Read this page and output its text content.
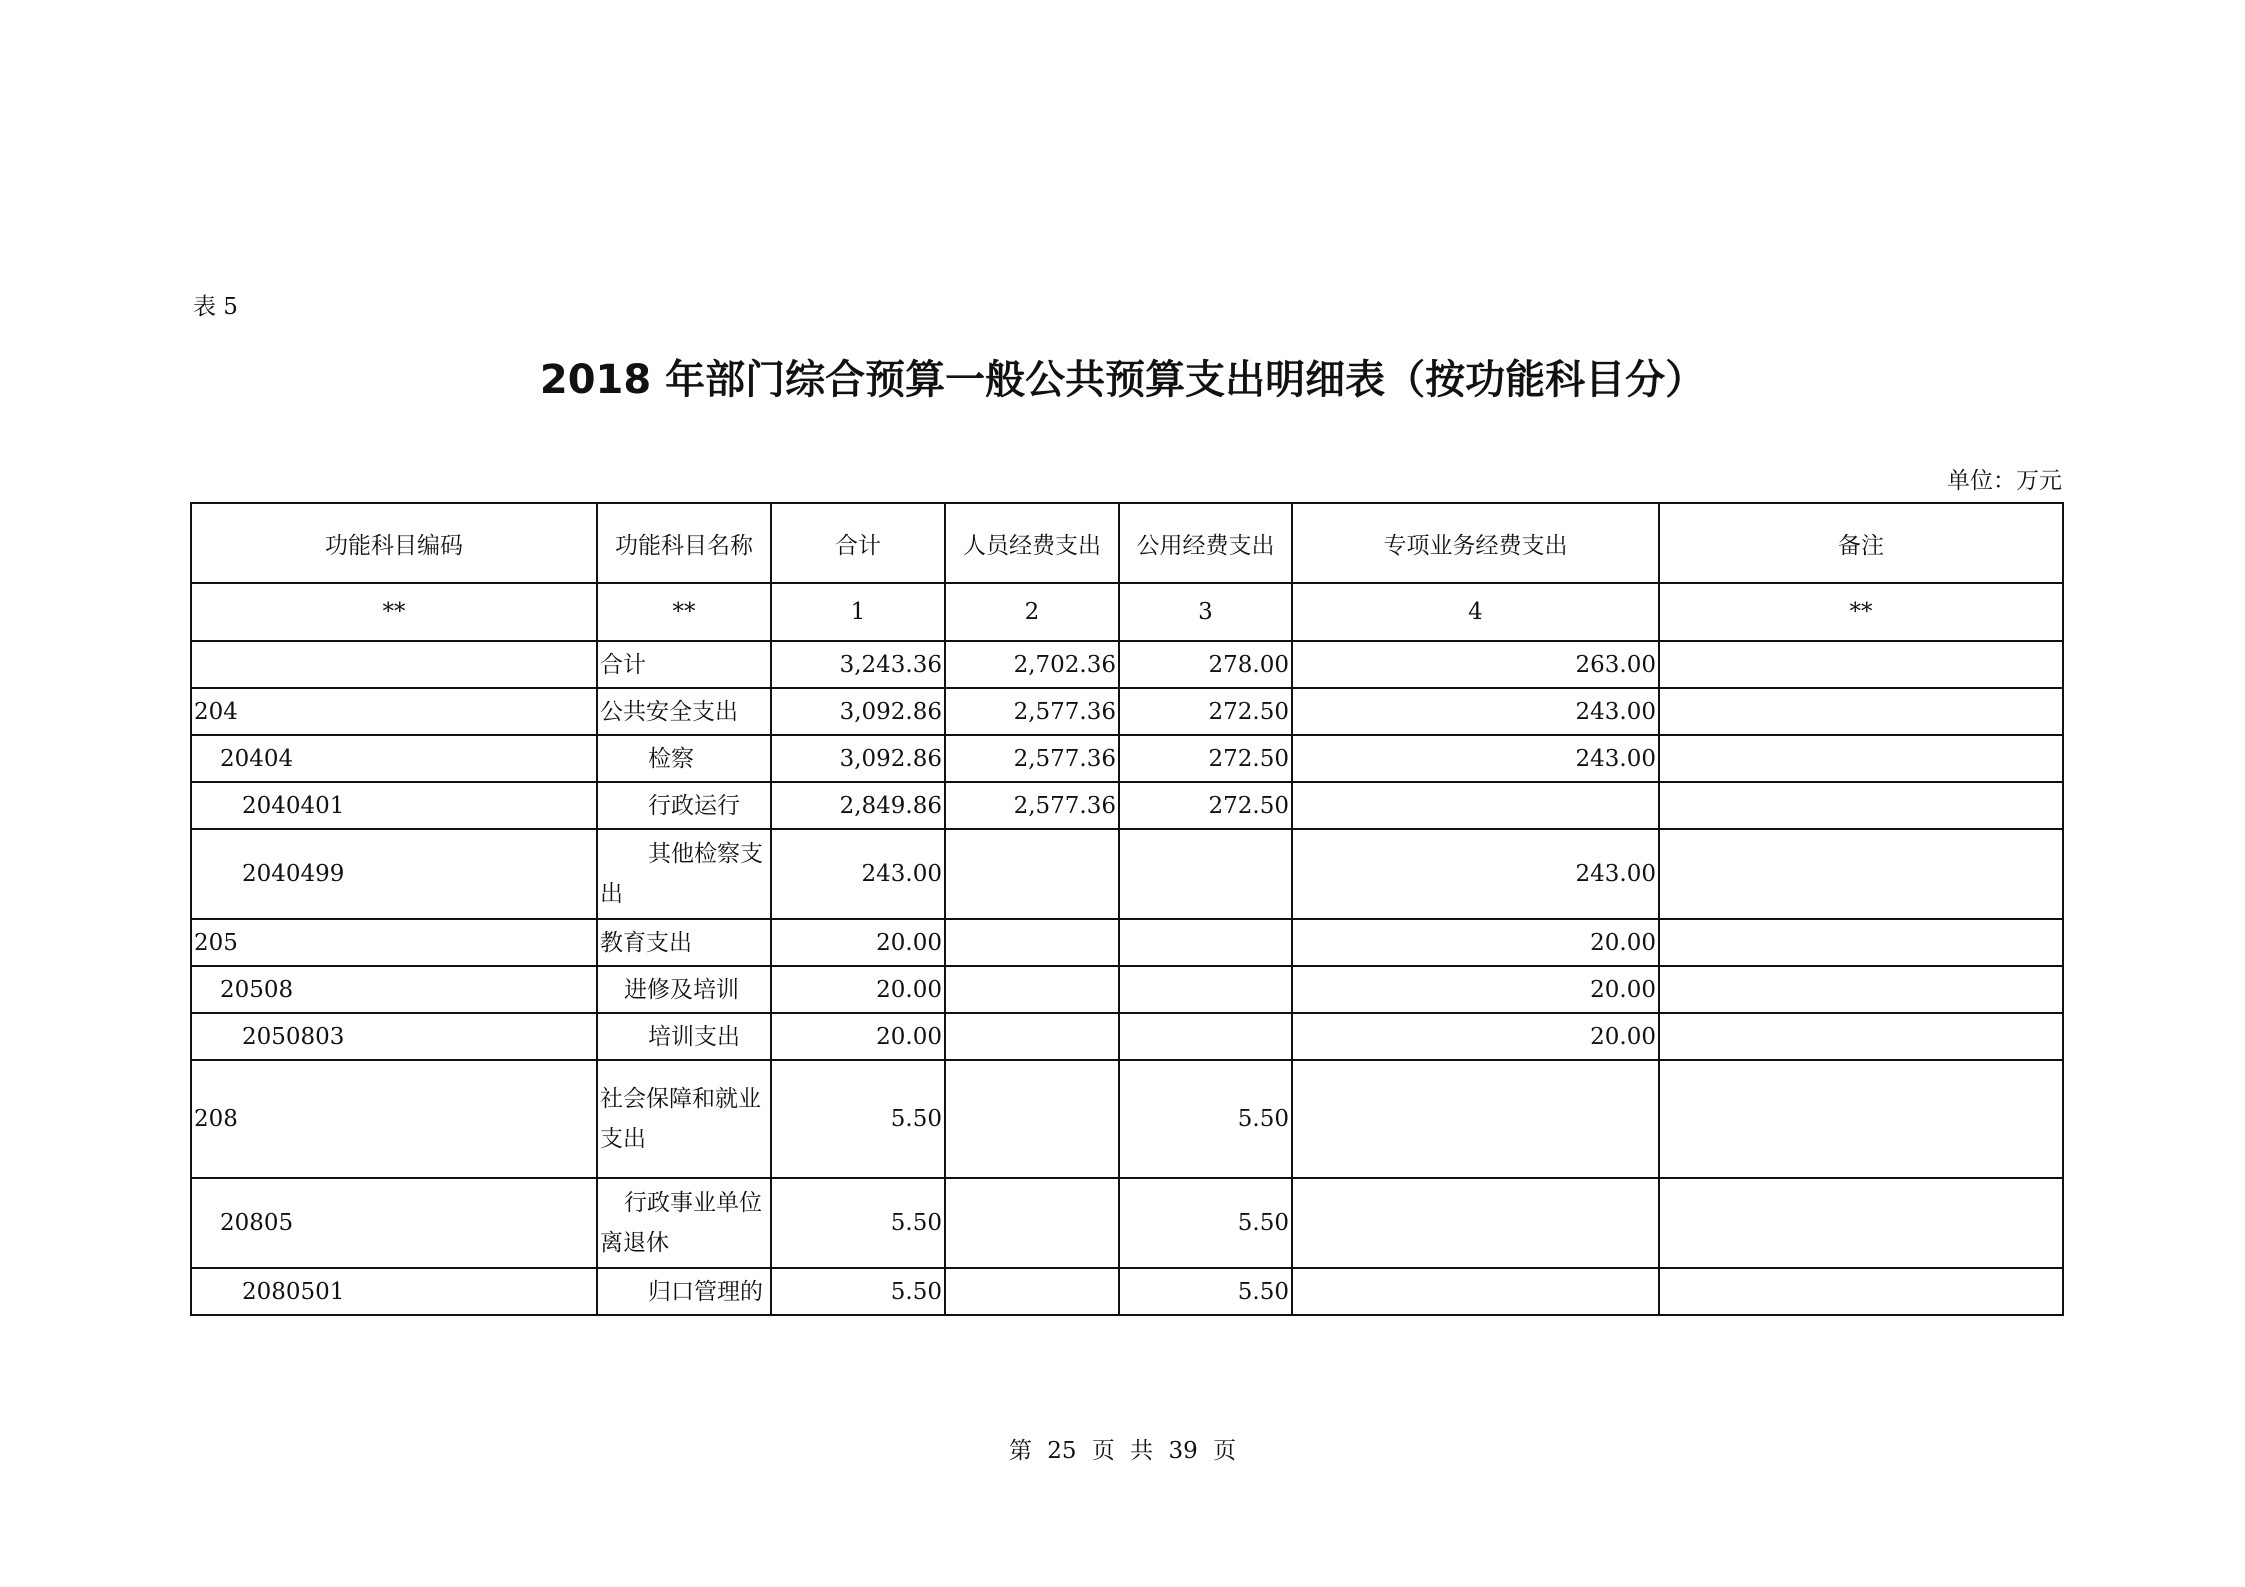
表 5
2018 年部门综合预算一般公共预算支出明细表（按功能科目分）
单位：万元
功能科目编码	功能科目名称	合计	人员经费支出	公用经费支出	专项业务经费支出	备注
**	**	1	2	3	4	**
	合计	3,243.36	2,702.36	278.00	263.00	
204	公共安全支出	3,092.86	2,577.36	272.50	243.00	
20404	检察	3,092.86	2,577.36	272.50	243.00	
2040401	行政运行	2,849.86	2,577.36	272.50		
2040499	其他检察支出	243.00			243.00	
205	教育支出	20.00			20.00	
20508	进修及培训	20.00			20.00	
2050803	培训支出	20.00			20.00	
208	社会保障和就业支出	5.50		5.50		
20805	行政事业单位离退休	5.50		5.50		
2080501	归口管理的	5.50		5.50		
第 25 页 共 39 页
